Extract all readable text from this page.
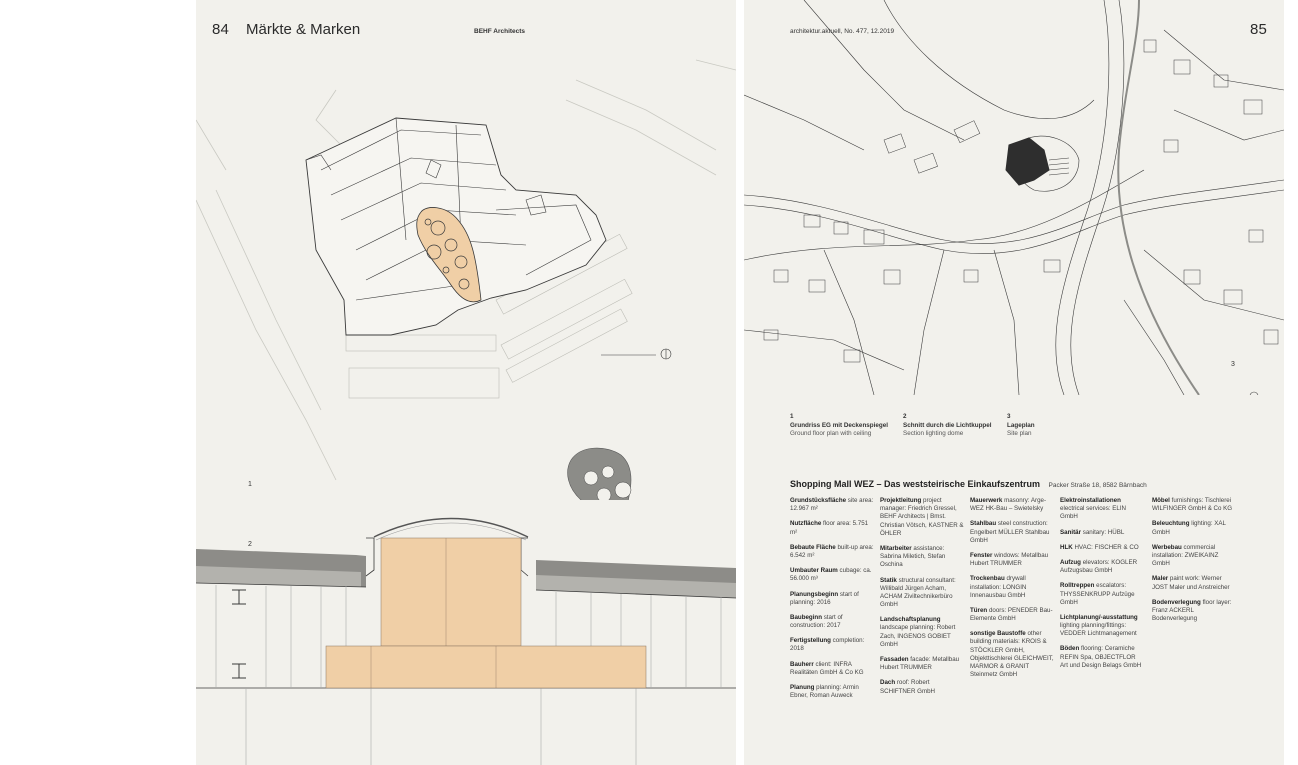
84 Märkte & Marken	BEHF Architects
1
2
3
architektur.aktuell, No. 477, 12.2019	85
1
Grundriss EG mit Deckenspiegel
Ground floor plan with ceiling
2
Schnitt durch die Lichtkuppel
Section lighting dome
3
Lageplan
Site plan
Shopping Mall WEZ – Das weststeirische Einkaufszentrum Packer Straße 18, 8582 Bärnbach
Grundstücksfläche site area: 12.967 m²
Nutzfläche floor area: 5.751 m²
Bebaute Fläche built-up area: 6.542 m²
Umbauter Raum cubage: ca. 56.000 m³
Planungsbeginn start of planning: 2016
Baubeginn start of construction: 2017
Fertigstellung completion: 2018
Bauherr client: INFRA Realitäten GmbH & Co KG
Planung planning: Armin Ebner, Roman Auweck
Projektleitung project manager: Friedrich Gressel, BEHF Architects | Bmst. Christian Vötsch, KASTNER & ÖHLER
Mitarbeiter assistance: Sabrina Miletich, Stefan Oschina
Statik structural consultant: Willibald Jürgen Acham, ACHAM Ziviltechnikerbüro GmbH
Landschaftsplanung landscape planning: Robert Zach, INGENOS GOBIET GmbH
Fassaden facade: Metallbau Hubert TRUMMER
Dach roof: Robert SCHIFTNER GmbH
Mauerwerk masonry: Arge-WEZ HK-Bau – Swietelsky
Stahlbau steel construction: Engelbert MÜLLER Stahlbau GmbH
Fenster windows: Metallbau Hubert TRUMMER
Trockenbau drywall installation: LONGIN Innenausbau GmbH
Türen doors: PENEDER Bau-Elemente GmbH
sonstige Baustoffe other building materials: KROIS & STÖCKLER GmbH, Objekttischlerei GLEICHWEIT, MARMOR & GRANIT Steinmetz GmbH
Elektroinstallationen electrical services: ELIN GmbH
Sanitär sanitary: HÜBL
HLK HVAC: FISCHER & CO
Aufzug elevators: KOGLER Aufzugsbau GmbH
Rolltreppen escalators: THYSSENKRUPP Aufzüge GmbH
Lichtplanung/-ausstattung lighting planning/fittings: VEDDER Lichtmanagement
Böden flooring: Ceramiche REFIN Spa, OBJECTFLOR Art und Design Belags GmbH
Möbel furnishings: Tischlerei WILFINGER GmbH & Co KG
Beleuchtung lighting: XAL GmbH
Werbebau commercial installation: ZWEIKAINZ GmbH
Maler paint work: Werner JOST Maler und Anstreicher
Bodenverlegung floor layer: Franz ACKERL Bodenverlegung
